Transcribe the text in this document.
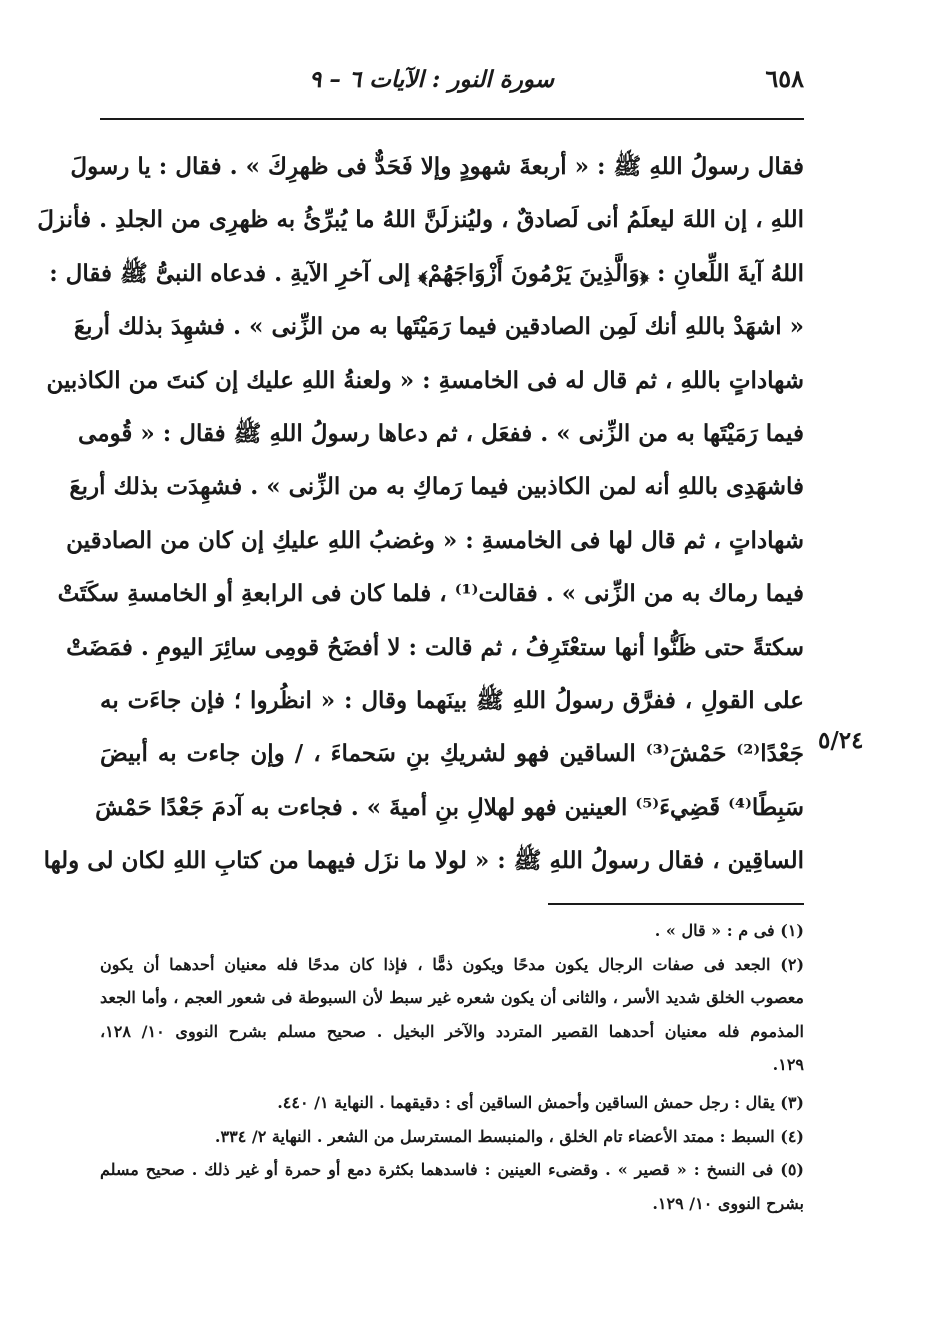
٦٥٨
سورة النور : الآيات ٦ – ٩
فقال رسولُ اللهِ ﷺ : « أربعةَ شهودٍ وإلا فَحَدٌّ فى ظهرِكَ » . فقال : يا رسولَ
اللهِ ، إن اللهَ ليعلَمُ أنى لَصادقٌ ، وليُنزلَنَّ اللهُ ما يُبرِّئُ به ظهرِى من الجلدِ . فأنزلَ
اللهُ آيةَ اللِّعانِ : ﴿وَالَّذِينَ يَرْمُونَ أَزْوَاجَهُمْ﴾ إلى آخرِ الآيةِ . فدعاه النبىُّ ﷺ فقال :
« اشهَدْ باللهِ أنك لَمِن الصادقين فيما رَمَيْتَها به من الزِّنى » . فشهِدَ بذلك أربعَ
شهاداتٍ باللهِ ، ثم قال له فى الخامسةِ : « ولعنةُ اللهِ عليك إن كنتَ من الكاذبين
فيما رَمَيْتَها به من الزِّنى » . ففعَل ، ثم دعاها رسولُ اللهِ ﷺ فقال : « قُومى
فاشهَدِى باللهِ أنه لمن الكاذبين فيما رَماكِ به من الزِّنى » . فشهِدَت بذلك أربعَ
شهاداتٍ ، ثم قال لها فى الخامسةِ : « وغضبُ اللهِ عليكِ إن كان من الصادقين
فيما رماك به من الزِّنى » . فقالت⁽¹⁾ ، فلما كان فى الرابعةِ أو الخامسةِ سكَتَتْ
سكتةً حتى ظَنُّوا أنها ستعْتَرِفُ ، ثم قالت : لا أفضَحُ قومِى سائِرَ اليومِ . فمَضَتْ
على القولِ ، ففرَّق رسولُ اللهِ ﷺ بينَهما وقال : « انظُروا ؛ فإن جاءَت به
جَعْدًا⁽²⁾ حَمْشَ⁽³⁾ الساقين فهو لشريكِ بنِ سَحماءَ ، / وإن جاءت به أبيضَ
سَبِطًا⁽⁴⁾ قَضِيءَ⁽⁵⁾ العينين فهو لهلالِ بنِ أميةَ » . فجاءت به آدمَ جَعْدًا حَمْشَ
الساقِين ، فقال رسولُ اللهِ ﷺ : « لولا ما نزَل فيهما من كتابِ اللهِ لكان لى ولها
٥/٢٤
(١) فى م : « قال » .
(٢) الجعد فى صفات الرجال يكون مدحًا ويكون ذمًّا ، فإذا كان مدحًا فله معنيان أحدهما أن يكون
معصوب الخلق شديد الأسر ، والثانى أن يكون شعره غير سبط لأن السبوطة فى شعور العجم ، وأما الجعد
المذموم فله معنيان أحدهما القصير المتردد والآخر البخيل . صحيح مسلم بشرح النووى ١٠/ ١٢٨،
١٢٩.
(٣) يقال : رجل حمش الساقين وأحمش الساقين أى : دقيقهما . النهاية ١/ ٤٤٠.
(٤) السبط : ممتد الأعضاء تام الخلق ، والمنبسط المسترسل من الشعر . النهاية ٢/ ٣٣٤.
(٥) فى النسخ : « قصير » . وقضىء العينين : فاسدهما بكثرة دمع أو حمرة أو غير ذلك . صحيح مسلم
بشرح النووى ١٠/ ١٢٩.
